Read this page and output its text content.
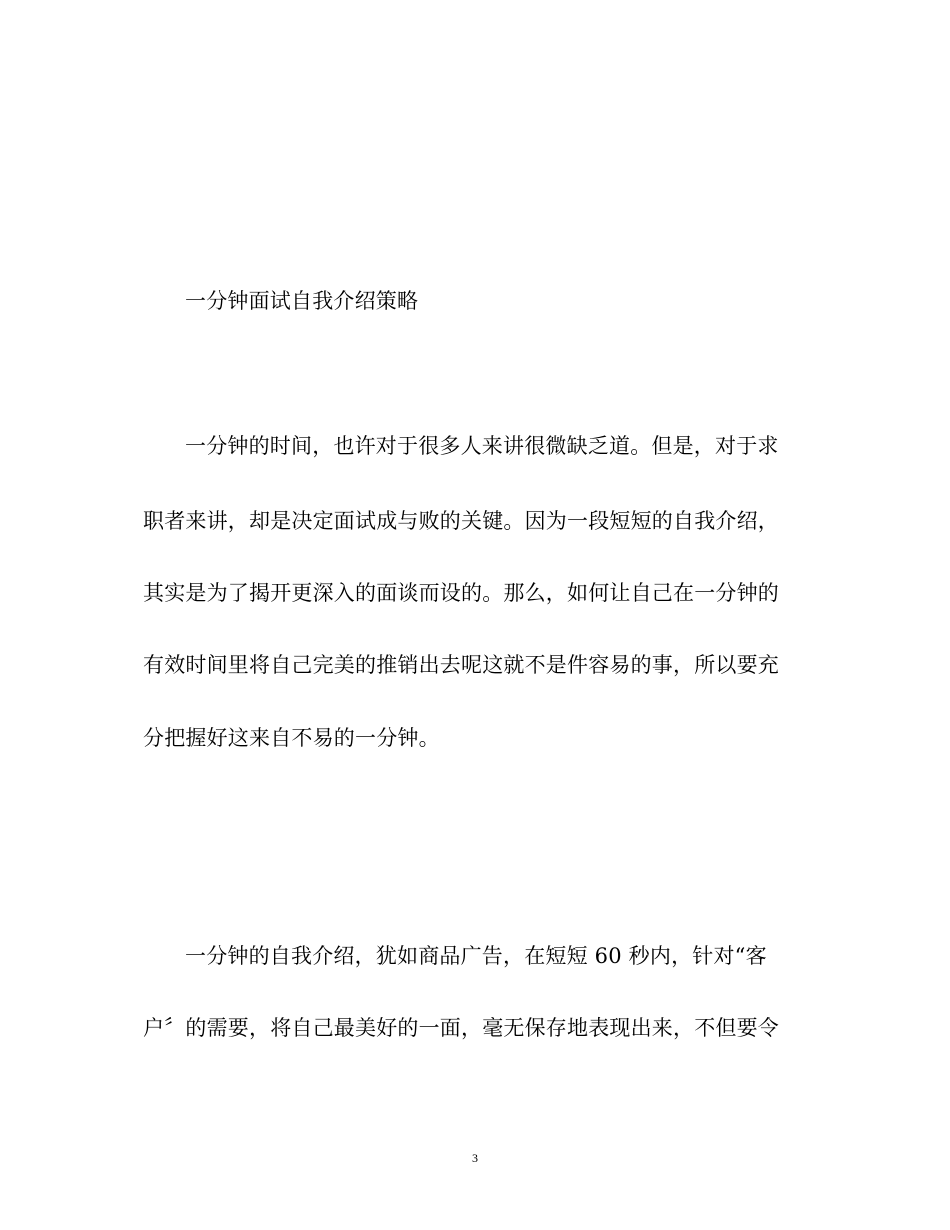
一分钟面试自我介绍策略
一分钟的时间，也许对于很多人来讲很微缺乏道。但是，对于求
职者来讲，却是决定面试成与败的关键。因为一段短短的自我介绍，
其实是为了揭开更深入的面谈而设的。那么，如何让自己在一分钟的
有效时间里将自己完美的推销出去呢这就不是件容易的事，所以要充
分把握好这来自不易的一分钟。
一分钟的自我介绍，犹如商品广告，在短短 60 秒内，针对“客
户〞的需要，将自己最美好的一面，毫无保存地表现出来，不但要令
3
